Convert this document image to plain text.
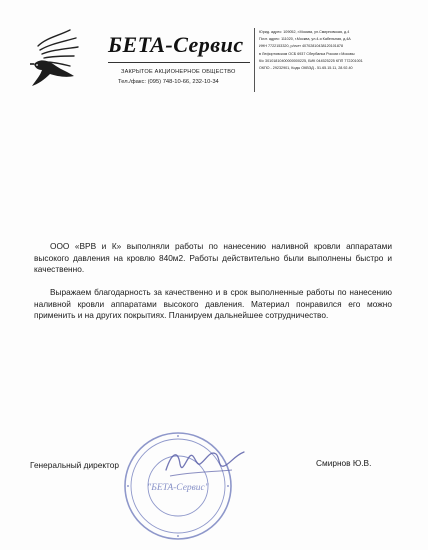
БЕТА-Сервис
ЗАКРЫТОЕ АКЦИОНЕРНОЕ ОБЩЕСТВО
Тел./факс: (095) 748-10-66, 232-10-34
Юрид. адрес: 109052, г.Москва, ул.Смирновская, д.4
Почт. адрес: 111020, г.Москва, ул.4-я Кабельная, д.4А
ИНН 7722153320, р/счет 40702810438120101878
в Лефортовском ОСБ 6937 Сбербанка России г.Москвы
К/с 30101810400000000225, БИК 044525225 КПП 772201001
ОКПО - 29232901, Коды ОКВЭД - 51.65.15.11, 28.92.40
ООО «ВРВ и К» выполняли работы по нанесению наливной кровли аппаратами высокого давления на кровлю 840м2. Работы действительно были выполнены быстро и качественно.
Выражаем благодарность за качественно и в срок выполненные работы по нанесению наливной кровли аппаратами высокого давления. Материал понравился его можно применить и на других покрытиях. Планируем дальнейшее сотрудничество.
"БЕТА-Сервис"
Генеральный директор	Смирнов Ю.В.
